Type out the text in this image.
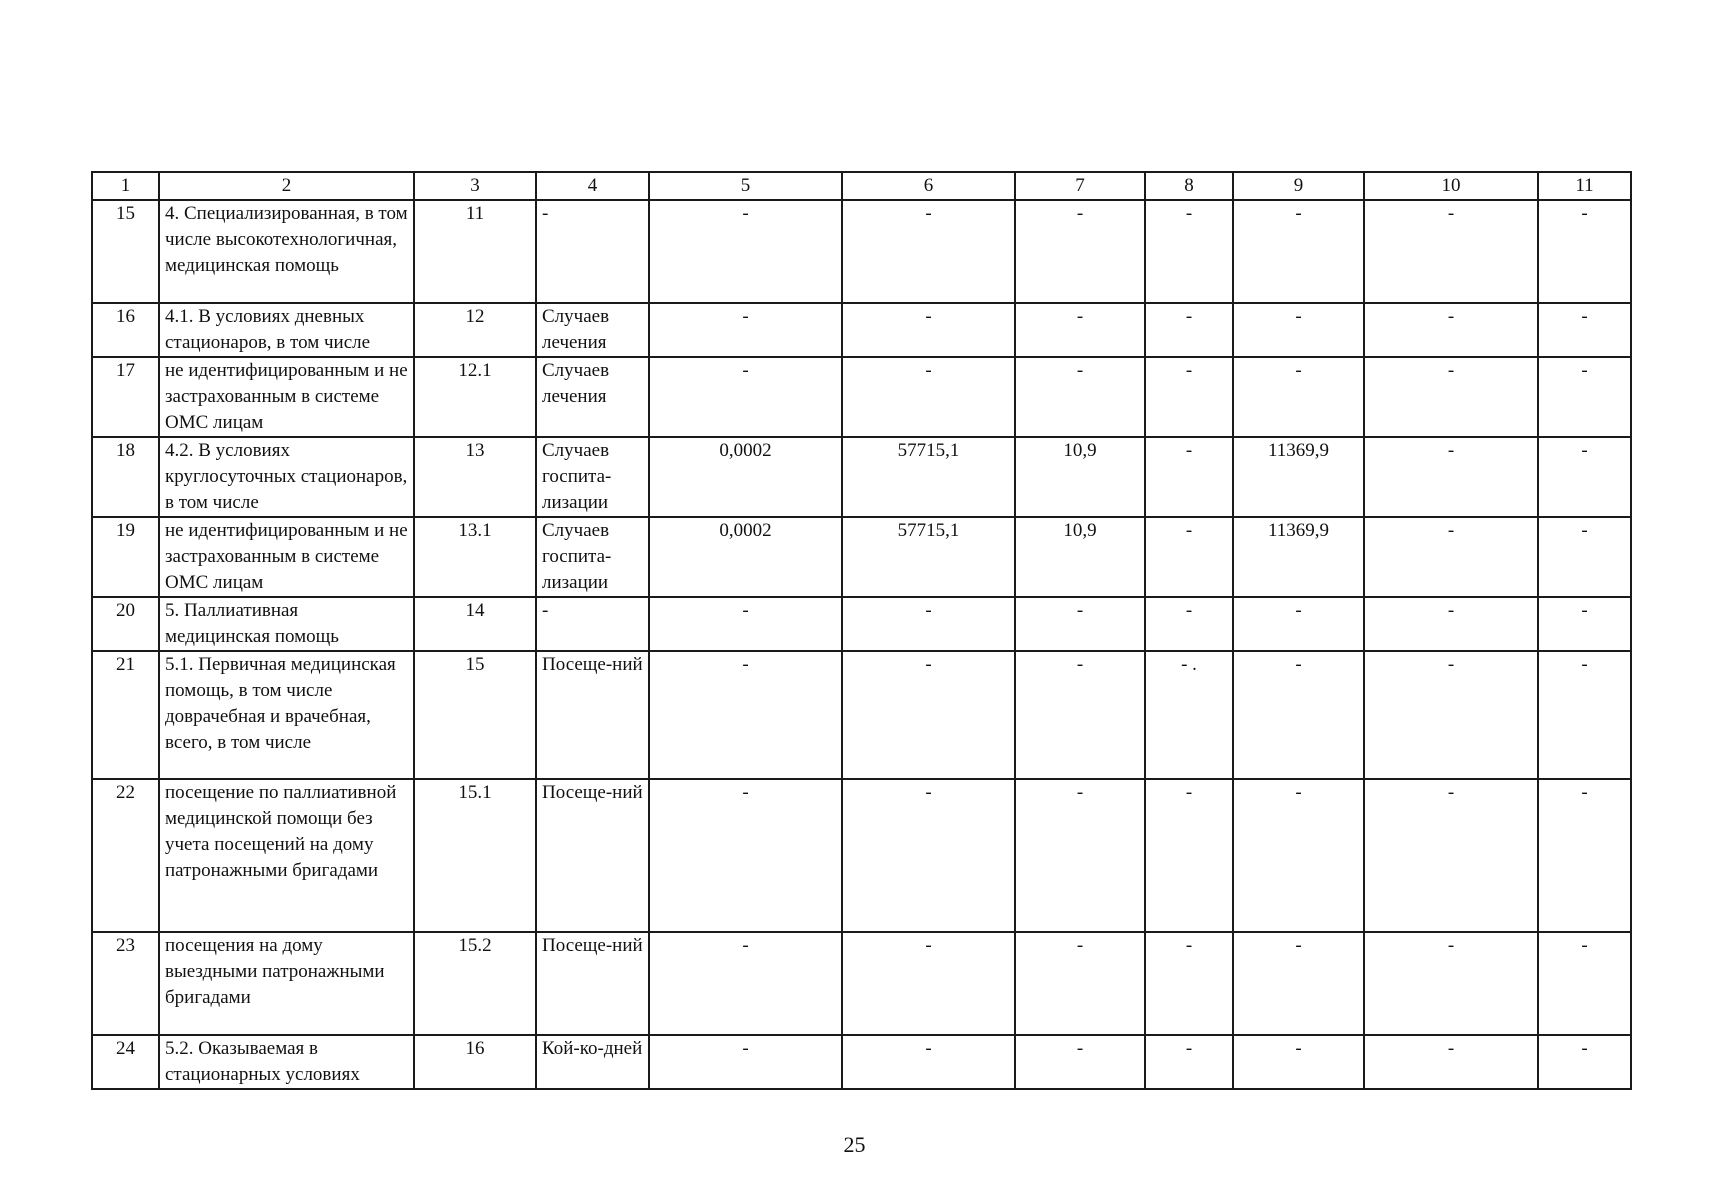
1	2	3	4	5	6	7	8	9	10	11
15	4. Специализированная, в том числе высокотехнологичная, медицинская помощь	11	-	-	-	-	-	-	-	-
16	4.1. В условиях дневных стационаров, в том числе	12	Случаев лечения	-	-	-	-	-	-	-
17	не идентифицированным и не застрахованным в системе ОМС лицам	12.1	Случаев лечения	-	-	-	-	-	-	-
18	4.2. В условиях круглосуточных стационаров, в том числе	13	Случаев госпита-лизации	0,0002	57715,1	10,9	-	11369,9	-	-
19	не идентифицированным и не застрахованным в системе ОМС лицам	13.1	Случаев госпита-лизации	0,0002	57715,1	10,9	-	11369,9	-	-
20	5. Паллиативная медицинская помощь	14	-	-	-	-	-	-	-	-
21	5.1. Первичная медицинская помощь, в том числе доврачебная и врачебная, всего, в том числе	15	Посеще-ний	-	-	-	- .	-	-	-
22	посещение по паллиативной медицинской помощи без учета посещений на дому патронажными бригадами	15.1	Посеще-ний	-	-	-	-	-	-	-
23	посещения на дому выездными патронажными бригадами	15.2	Посеще-ний	-	-	-	-	-	-	-
24	5.2. Оказываемая в стационарных условиях	16	Кой-ко-дней	-	-	-	-	-	-	-
25
